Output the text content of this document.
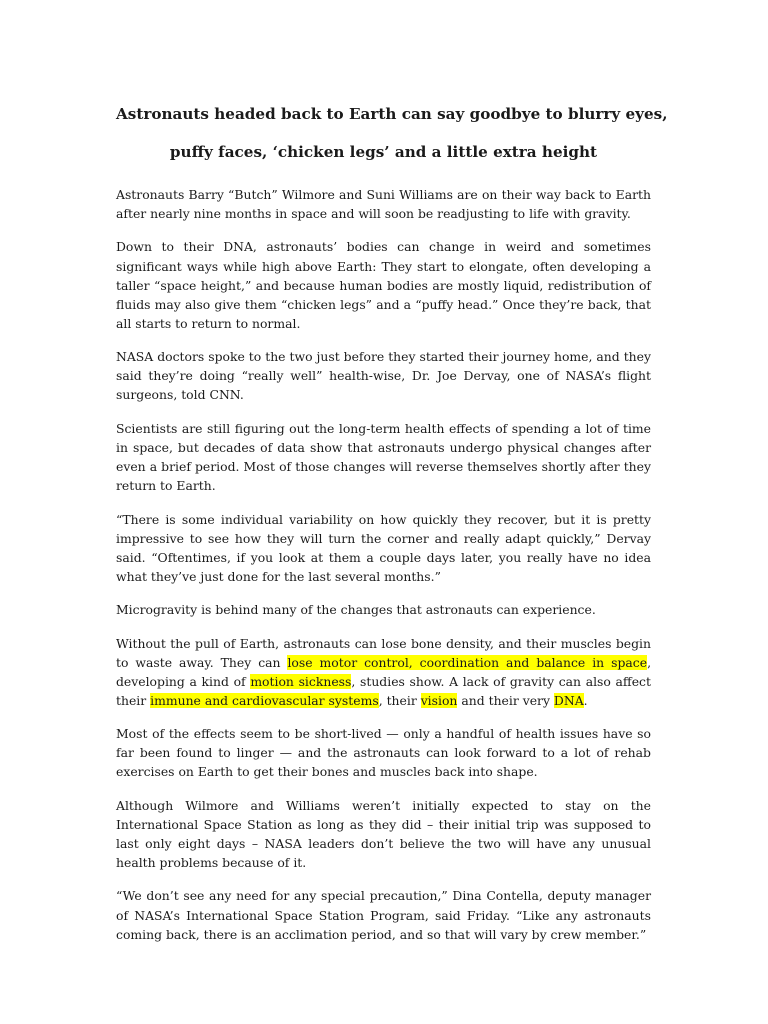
Astronauts headed back to Earth can say goodbye to blurry eyes,
puffy faces, ‘chicken legs’ and a little extra height

Astronauts Barry “Butch” Wilmore and Suni Williams are on their way back to Earth after nearly nine months in space and will soon be readjusting to life with gravity.

Down to their DNA, astronauts’ bodies can change in weird and sometimes significant ways while high above Earth: They start to elongate, often developing a taller “space height,” and because human bodies are mostly liquid, redistribution of fluids may also give them “chicken legs” and a “puffy head.” Once they’re back, that all starts to return to normal.

NASA doctors spoke to the two just before they started their journey home, and they said they’re doing “really well” health-wise, Dr. Joe Dervay, one of NASA’s flight surgeons, told CNN.

Scientists are still figuring out the long-term health effects of spending a lot of time in space, but decades of data show that astronauts undergo physical changes after even a brief period. Most of those changes will reverse themselves shortly after they return to Earth.

“There is some individual variability on how quickly they recover, but it is pretty impressive to see how they will turn the corner and really adapt quickly,” Dervay said. “Oftentimes, if you look at them a couple days later, you really have no idea what they’ve just done for the last several months.”

Microgravity is behind many of the changes that astronauts can experience.

Without the pull of Earth, astronauts can lose bone density, and their muscles begin to waste away. They can lose motor control, coordination and balance in space, developing a kind of motion sickness, studies show. A lack of gravity can also affect their immune and cardiovascular systems, their vision and their very DNA.

Most of the effects seem to be short-lived — only a handful of health issues have so far been found to linger — and the astronauts can look forward to a lot of rehab exercises on Earth to get their bones and muscles back into shape.

Although Wilmore and Williams weren’t initially expected to stay on the International Space Station as long as they did – their initial trip was supposed to last only eight days – NASA leaders don’t believe the two will have any unusual health problems because of it.

“We don’t see any need for any special precaution,” Dina Contella, deputy manager of NASA’s International Space Station Program, said Friday. “Like any astronauts coming back, there is an acclimation period, and so that will vary by crew member.”
